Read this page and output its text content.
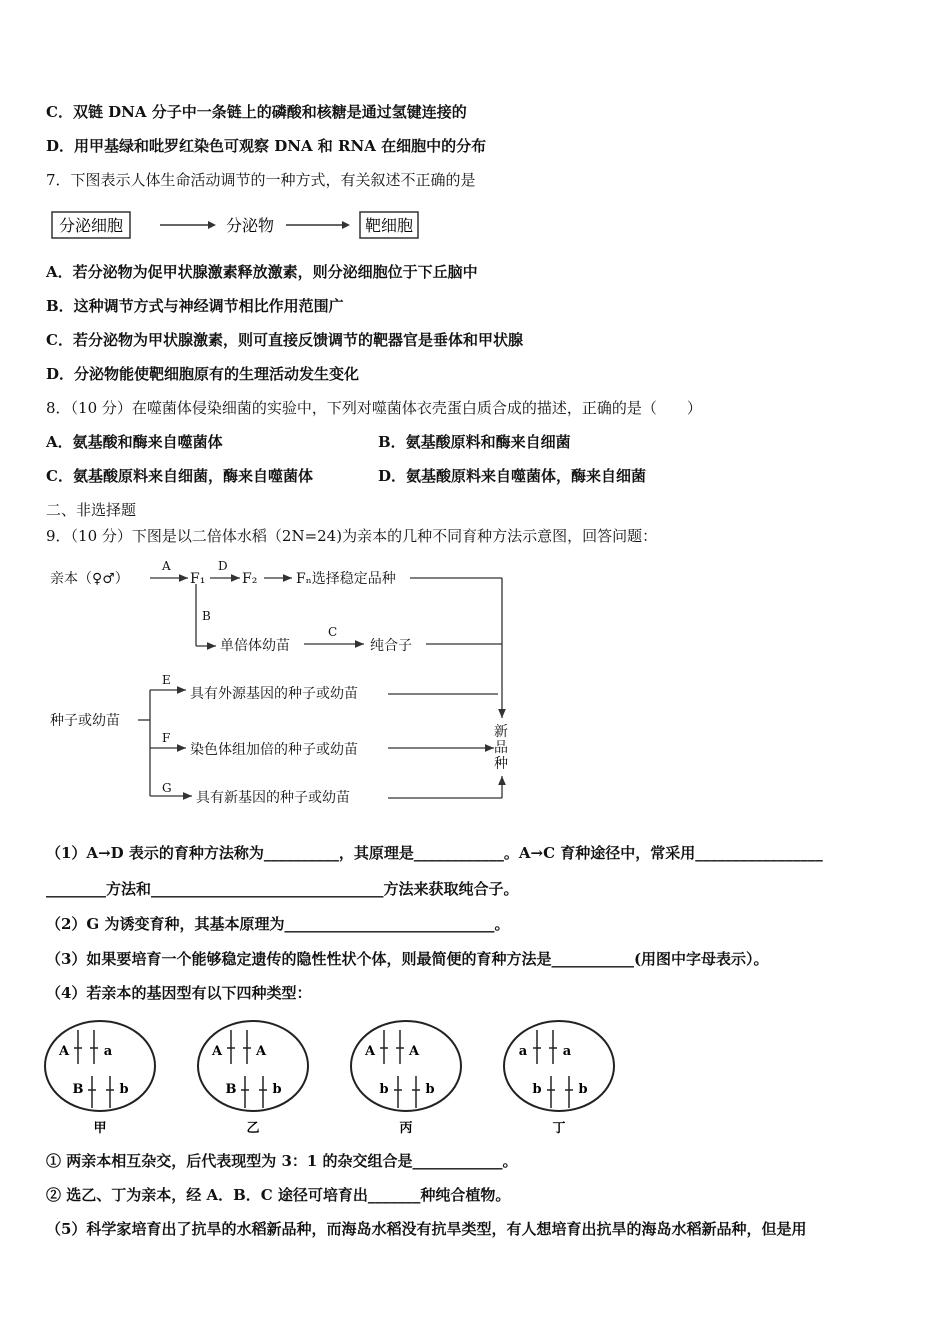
C．双链 DNA 分子中一条链上的磷酸和核糖是通过氢键连接的
D．用甲基绿和吡罗红染色可观察 DNA 和 RNA 在细胞中的分布
7．下图表示人体生命活动调节的一种方式，有关叙述不正确的是
分泌细胞	分泌物	靶细胞
A．若分泌物为促甲状腺激素释放激素，则分泌细胞位于下丘脑中
B．这种调节方式与神经调节相比作用范围广
C．若分泌物为甲状腺激素，则可直接反馈调节的靶器官是垂体和甲状腺
D．分泌物能使靶细胞原有的生理活动发生变化
8．（10 分）在噬菌体侵染细菌的实验中，下列对噬菌体衣壳蛋白质合成的描述，正确的是（　　）
A．氨基酸和酶来自噬菌体	B．氨基酸原料和酶来自细菌
C．氨基酸原料来自细菌，酶来自噬菌体	D．氨基酸原料来自噬菌体，酶来自细菌
二、非选择题
9．（10 分）下图是以二倍体水稻（2N=24)为亲本的几种不同育种方法示意图，回答问题：
亲本（♀♂）
A
F₁
D
F₂	Fₙ选择稳定品种
B
单倍体幼苗
C
纯合子
种子或幼苗
E
具有外源基因的种子或幼苗
F
染色体组加倍的种子或幼苗
G
具有新基因的种子或幼苗
新
品
种
（1）A→D 表示的育种方法称为__________，其原理是____________。A→C 育种途径中，常采用_________________
________方法和_______________________________方法来获取纯合子。
（2）G 为诱变育种，其基本原理为____________________________。
（3）如果要培育一个能够稳定遗传的隐性性状个体，则最简便的育种方法是___________(用图中字母表示）。
（4）若亲本的基因型有以下四种类型：
A	a
B	b
甲
A	A
B	b
乙
A	A
b	b
丙
a	a
b	b
丁
① 两亲本相互杂交，后代表现型为 3：1 的杂交组合是____________。
② 选乙、丁为亲本，经 A．B．C 途径可培育出_______种纯合植物。
（5）科学家培育出了抗旱的水稻新品种，而海岛水稻没有抗旱类型，有人想培育出抗旱的海岛水稻新品种，但是用
